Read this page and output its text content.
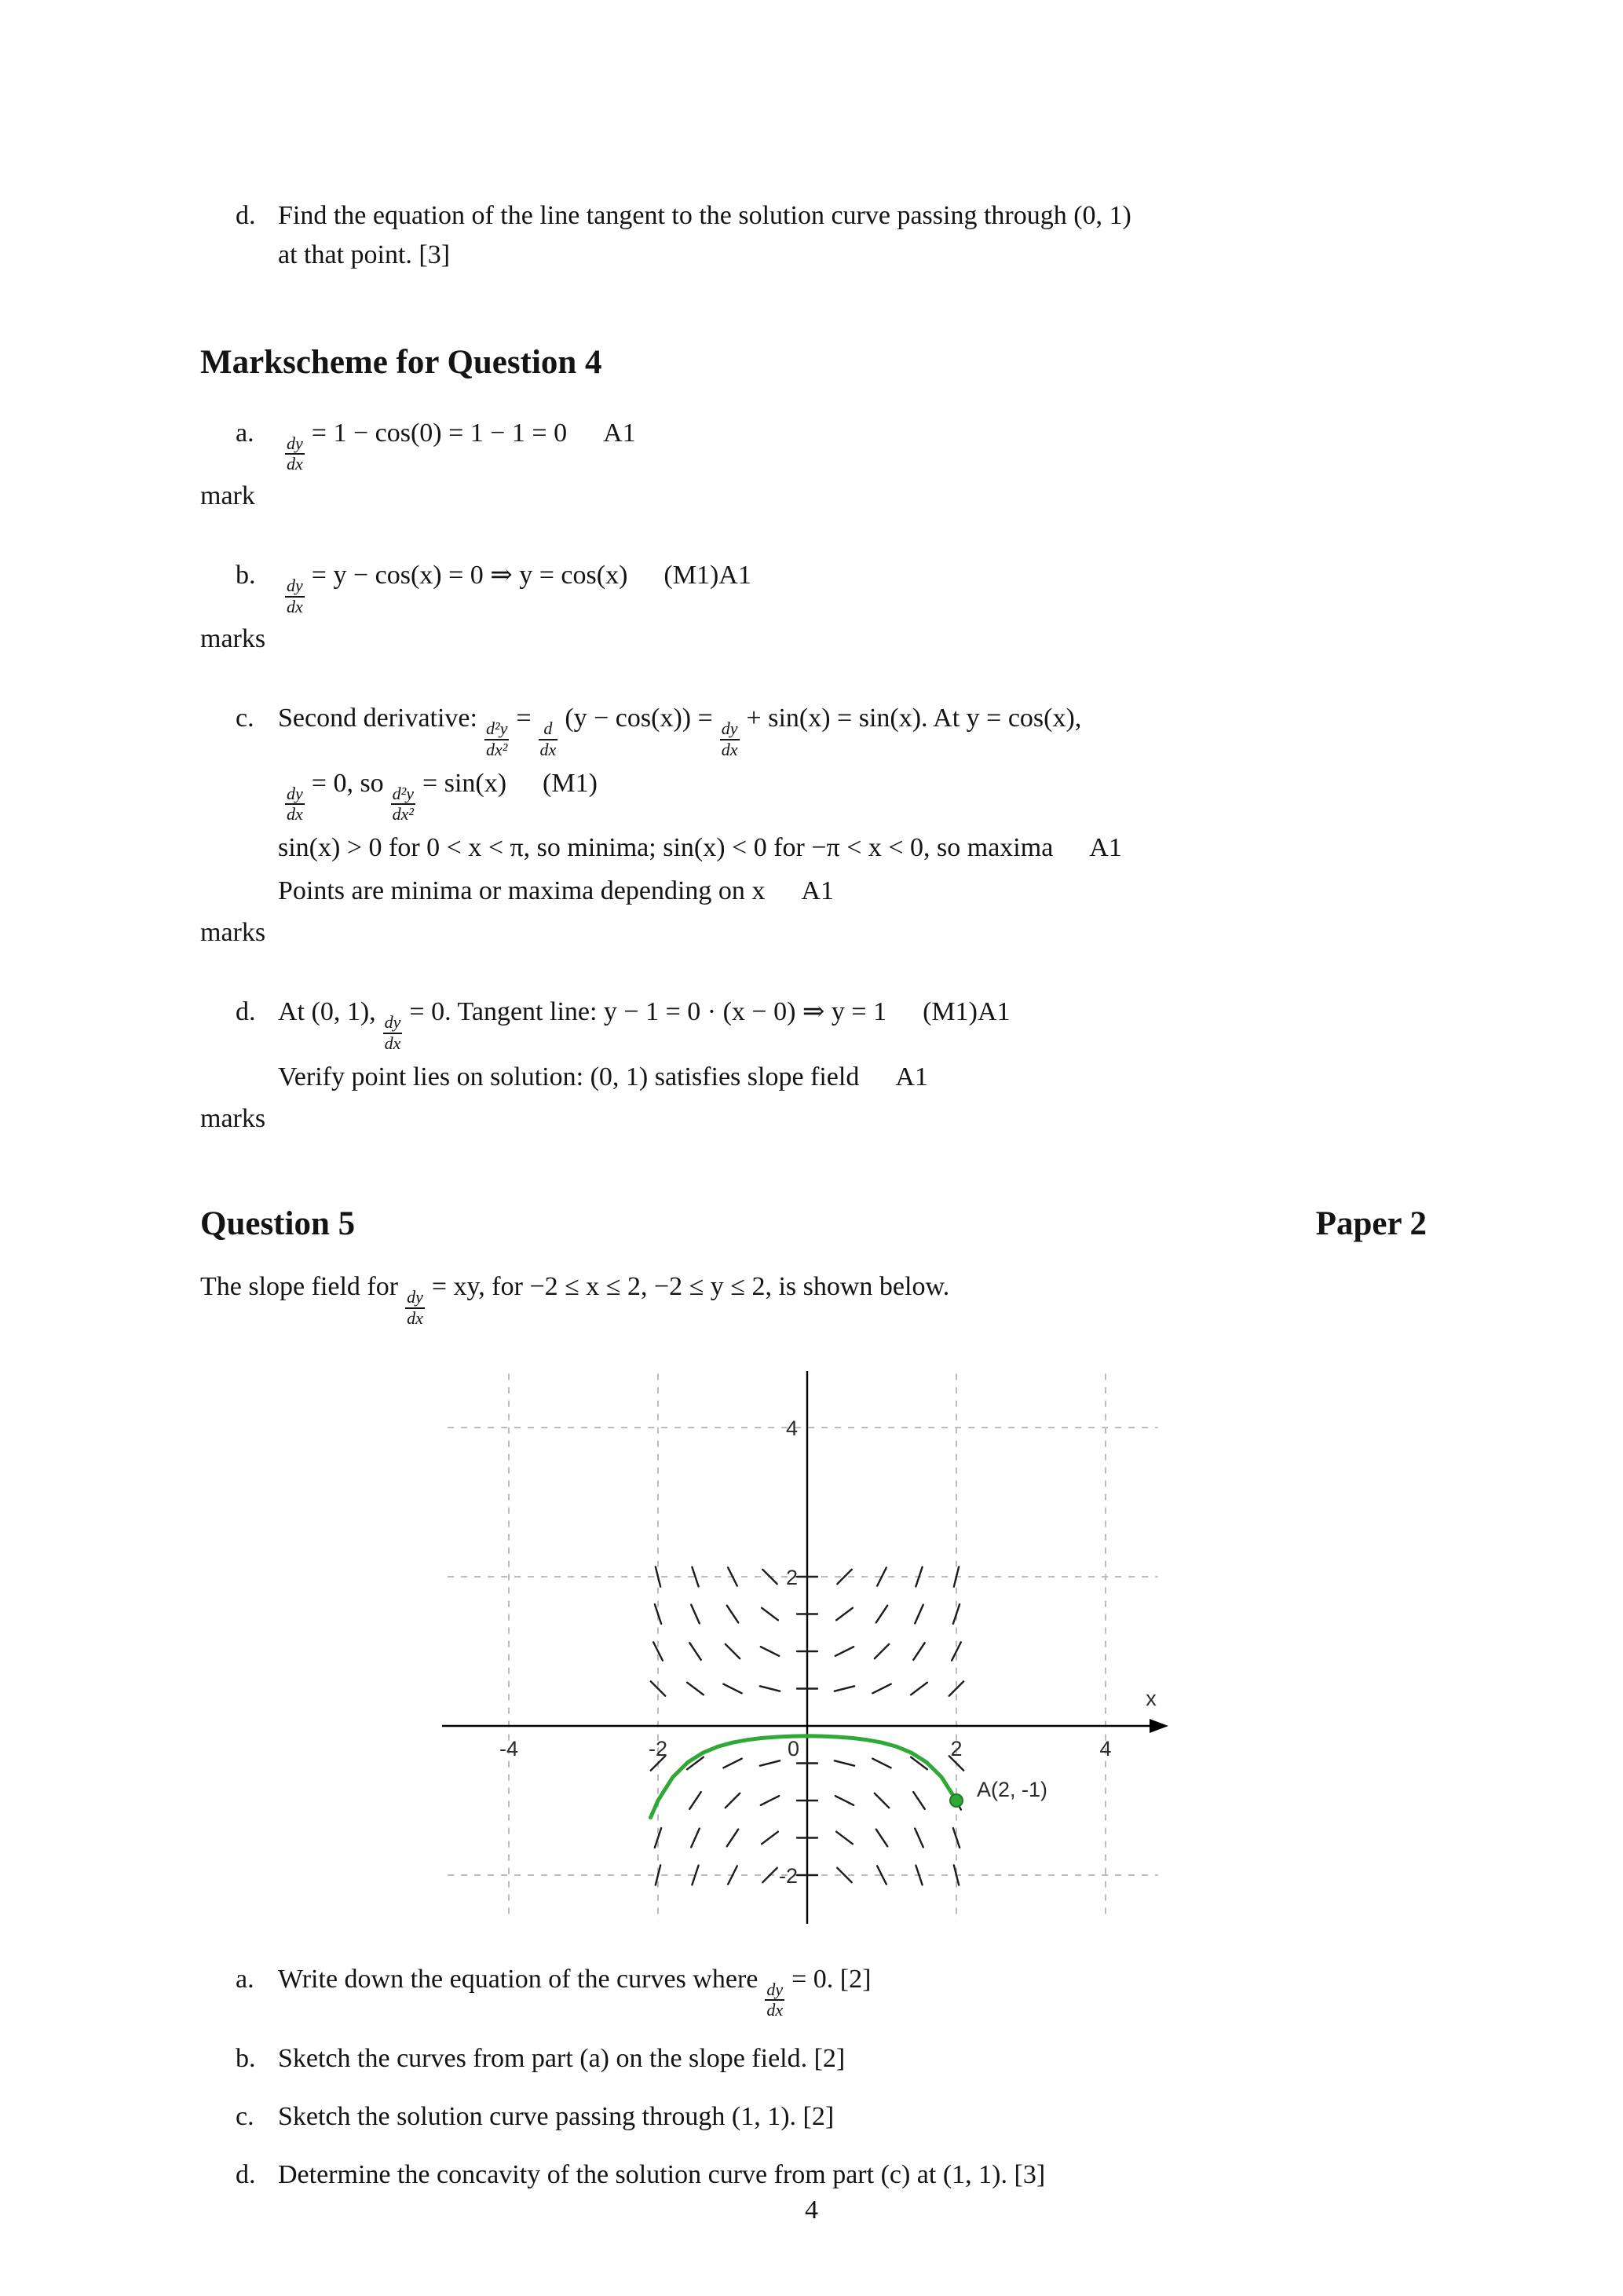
d. Find the equation of the line tangent to the solution curve passing through (0, 1)
at that point. [3]
Markscheme for Question 4
a.
$\frac{dy}{dx}$
= 1 − cos(0) = 1 − 1 = 0 A1
mark
b.
$\frac{dy}{dx}$
= y − cos(x) = 0 ⇒ y = cos(x) (M1)A1
marks
c. Second derivative:
$\frac{\text{d²y}}{\text{dx²}}$
=
$\frac{d}{dx}$
(y − cos(x)) =
$\frac{dy}{dx}$
+ sin(x) = sin(x). At y = cos(x),
$\frac{dy}{dx}$
= 0, so
$\frac{\text{d²y}}{\text{dx²}}$
= sin(x) (M1)
sin(x) > 0 for 0 < x < π, so minima; sin(x) < 0 for −π < x < 0, so maxima A1
Points are minima or maxima depending on x A1
marks
d. At (0, 1),
$\frac{dy}{dx}$
= 0. Tangent line: y − 1 = 0 · (x − 0) ⇒ y = 1 (M1)A1
Verify point lies on solution: (0, 1) satisfies slope field A1
marks
Question 5	Paper 2
The slope field for
$\frac{dy}{dx}$
= xy, for −2 ≤ x ≤ 2, −2 ≤ y ≤ 2, is shown below.
4
2
-2
-4	-2	2	4
0
x
A(2, -1)
a. Write down the equation of the curves where
$\frac{dy}{dx}$
= 0. [2]
b. Sketch the curves from part (a) on the slope field. [2]
c. Sketch the solution curve passing through (1, 1). [2]
d. Determine the concavity of the solution curve from part (c) at (1, 1). [3]
4
